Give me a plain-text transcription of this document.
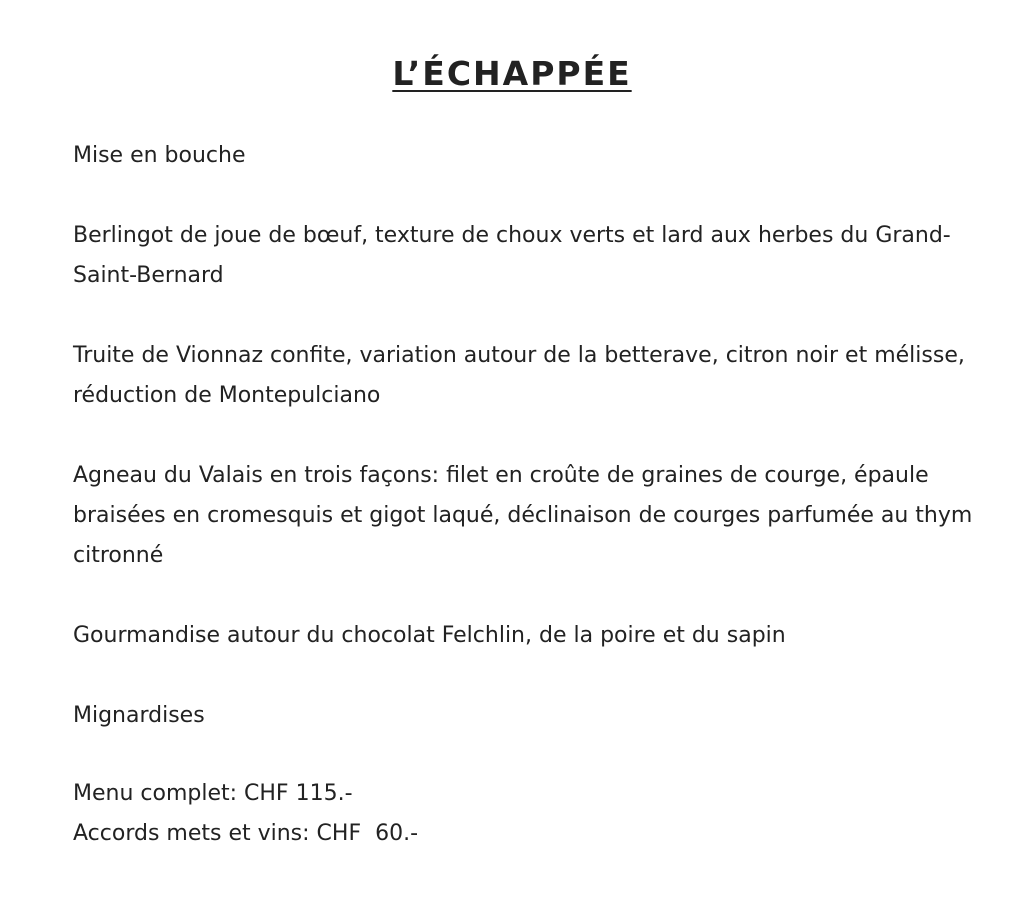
L’ÉCHAPPÉE

Mise en bouche

Berlingot de joue de bœuf, texture de choux verts et lard aux herbes du Grand-Saint-Bernard

Truite de Vionnaz confite, variation autour de la betterave, citron noir et mélisse, réduction de Montepulciano

Agneau du Valais en trois façons: filet en croûte de graines de courge, épaule braisées en cromesquis et gigot laqué, déclinaison de courges parfumée au thym citronné

Gourmandise autour du chocolat Felchlin, de la poire et du sapin

Mignardises

Menu complet: CHF 115.-

Accords mets et vins: CHF  60.-
